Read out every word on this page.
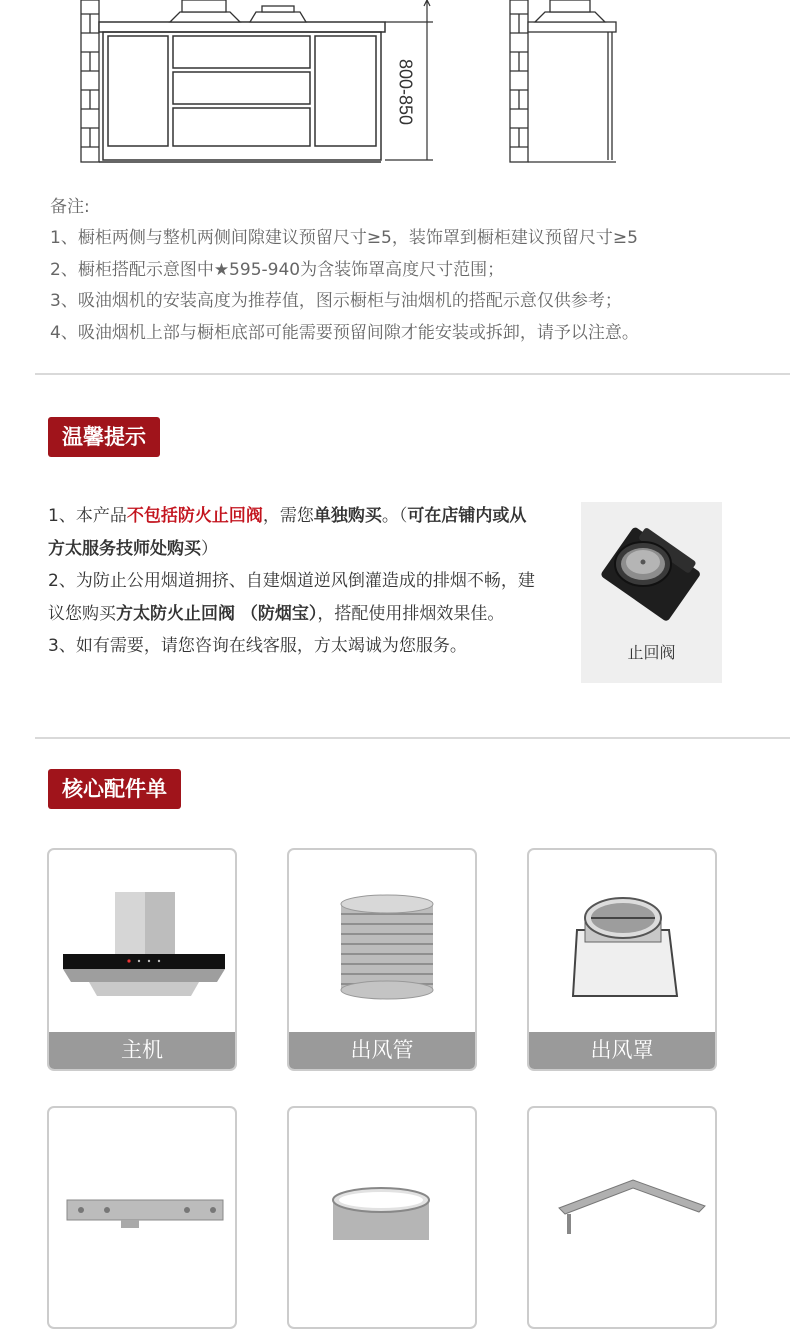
800-850
备注:
1、橱柜两侧与整机两侧间隙建议预留尺寸≥5，装饰罩到橱柜建议预留尺寸≥5
2、橱柜搭配示意图中★595-940为含装饰罩高度尺寸范围；
3、吸油烟机的安装高度为推荐值，图示橱柜与油烟机的搭配示意仅供参考；
4、吸油烟机上部与橱柜底部可能需要预留间隙才能安装或拆卸，请予以注意。
温馨提示
1、本产品不包括防火止回阀，需您单独购买。（可在店铺内或从方太服务技师处购买）
2、为防止公用烟道拥挤、自建烟道逆风倒灌造成的排烟不畅，建议您购买方太防火止回阀 （防烟宝），搭配使用排烟效果佳。
3、如有需要，请您咨询在线客服，方太竭诚为您服务。	止回阀
核心配件单
主机	出风管	出风罩
